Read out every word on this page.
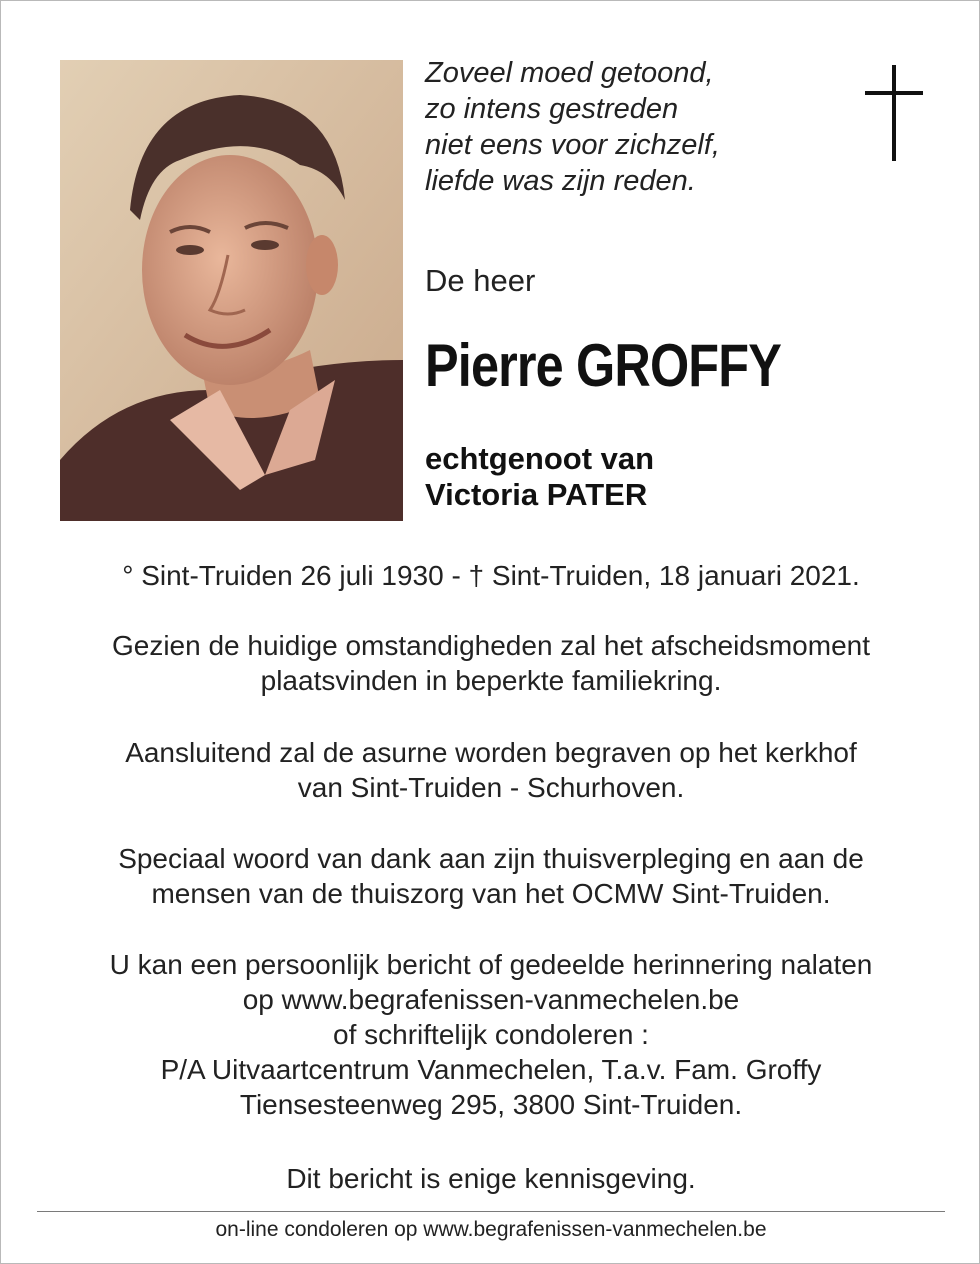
Zoveel moed getoond,
zo intens gestreden
niet eens voor zichzelf,
liefde was zijn reden.
De heer
Pierre GROFFY
echtgenoot van
Victoria PATER
° Sint-Truiden 26 juli 1930 - † Sint-Truiden, 18 januari 2021.
Gezien de huidige omstandigheden zal het afscheidsmoment
plaatsvinden in beperkte familiekring.
Aansluitend zal de asurne worden begraven op het kerkhof
van Sint-Truiden - Schurhoven.
Speciaal woord van dank aan zijn thuisverpleging en aan de
mensen van de thuiszorg van het OCMW Sint-Truiden.
U kan een persoonlijk bericht of gedeelde herinnering nalaten
op www.begrafenissen-vanmechelen.be
of schriftelijk condoleren :
P/A Uitvaartcentrum Vanmechelen, T.a.v. Fam. Groffy
Tiensesteenweg 295, 3800 Sint-Truiden.
Dit bericht is enige kennisgeving.
on-line condoleren op www.begrafenissen-vanmechelen.be
